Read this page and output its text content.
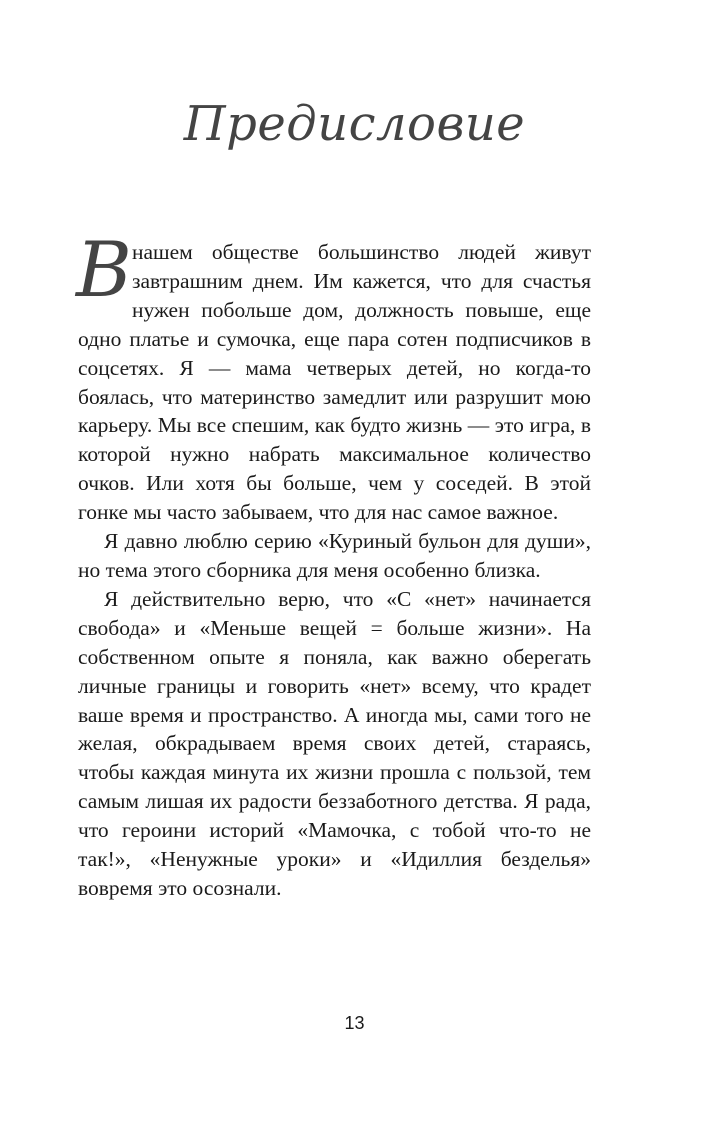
Предисловие

Внашем обществе большинство людей живут завтрашним днем. Им кажется, что для счастья нужен побольше дом, должность повыше, еще одно платье и сумочка, еще пара сотен подписчиков в соцсетях. Я — мама четверых детей, но когда-то боялась, что материнство замедлит или разрушит мою карьеру. Мы все спешим, как будто жизнь — это игра, в которой нужно набрать максимальное количество очков. Или хотя бы больше, чем у соседей. В этой гонке мы часто забываем, что для нас самое важное.

Я давно люблю серию «Куриный бульон для души», но тема этого сборника для меня особенно близка.

Я действительно верю, что «С «нет» начинается свобода» и «Меньше вещей = больше жизни». На собственном опыте я поняла, как важно оберегать личные границы и говорить «нет» всему, что крадет ваше время и пространство. А иногда мы, сами того не желая, обкрадываем время своих детей, стараясь, чтобы каждая минута их жизни прошла с пользой, тем самым лишая их радости беззаботного детства. Я рада, что героини историй «Мамочка, с тобой что-то не так!», «Ненужные уроки» и «Идиллия безделья» вовремя это осознали.

13
